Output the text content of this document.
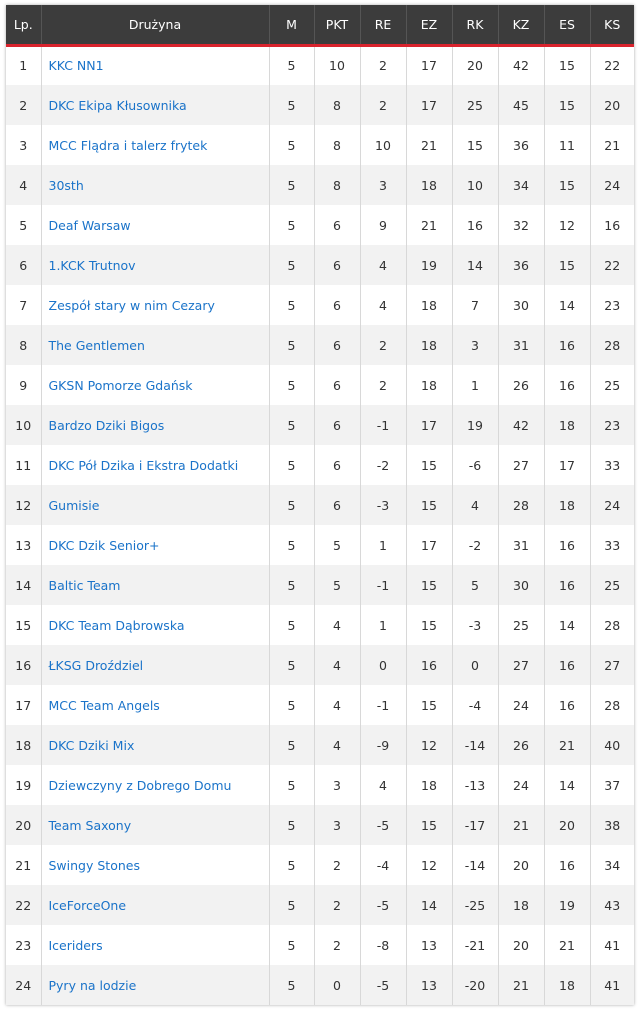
Lp.	Drużyna	M	PKT	RE	EZ	RK	KZ	ES	KS
1	KKC NN1	5	10	2	17	20	42	15	22
2	DKC Ekipa Kłusownika	5	8	2	17	25	45	15	20
3	MCC Flądra i talerz frytek	5	8	10	21	15	36	11	21
4	30sth	5	8	3	18	10	34	15	24
5	Deaf Warsaw	5	6	9	21	16	32	12	16
6	1.KCK Trutnov	5	6	4	19	14	36	15	22
7	Zespół stary w nim Cezary	5	6	4	18	7	30	14	23
8	The Gentlemen	5	6	2	18	3	31	16	28
9	GKSN Pomorze Gdańsk	5	6	2	18	1	26	16	25
10	Bardzo Dziki Bigos	5	6	-1	17	19	42	18	23
11	DKC Pół Dzika i Ekstra Dodatki	5	6	-2	15	-6	27	17	33
12	Gumisie	5	6	-3	15	4	28	18	24
13	DKC Dzik Senior+	5	5	1	17	-2	31	16	33
14	Baltic Team	5	5	-1	15	5	30	16	25
15	DKC Team Dąbrowska	5	4	1	15	-3	25	14	28
16	ŁKSG Droździel	5	4	0	16	0	27	16	27
17	MCC Team Angels	5	4	-1	15	-4	24	16	28
18	DKC Dziki Mix	5	4	-9	12	-14	26	21	40
19	Dziewczyny z Dobrego Domu	5	3	4	18	-13	24	14	37
20	Team Saxony	5	3	-5	15	-17	21	20	38
21	Swingy Stones	5	2	-4	12	-14	20	16	34
22	IceForceOne	5	2	-5	14	-25	18	19	43
23	Iceriders	5	2	-8	13	-21	20	21	41
24	Pyry na lodzie	5	0	-5	13	-20	21	18	41
